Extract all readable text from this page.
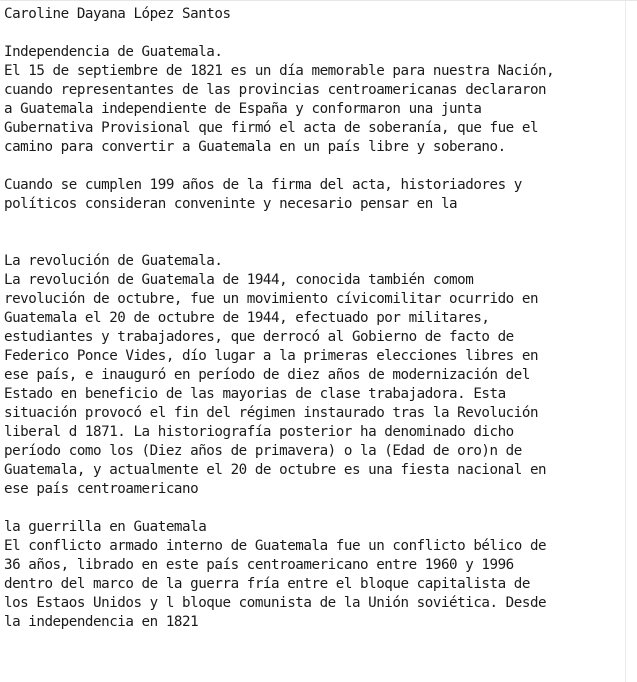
Caroline Dayana López Santos
Independencia de Guatemala.
El 15 de septiembre de 1821 es un día memorable para nuestra Nación,
cuando representantes de las provincias centroamericanas declararon
a Guatemala independiente de España y conformaron una junta
Gubernativa Provisional que firmó el acta de soberanía, que fue el
camino para convertir a Guatemala en un país libre y soberano.
Cuando se cumplen 199 años de la firma del acta, historiadores y
políticos consideran conveninte y necesario pensar en la
La revolución de Guatemala.
La revolución de Guatemala de 1944, conocida también comom
revolución de octubre, fue un movimiento cívicomilitar ocurrido en
Guatemala el 20 de octubre de 1944, efectuado por militares,
estudiantes y trabajadores, que derrocó al Gobierno de facto de
Federico Ponce Vides, dío lugar a la primeras elecciones libres en
ese país, e inauguró en período de diez años de modernización del
Estado en beneficio de las mayorias de clase trabajadora. Esta
situación provocó el fin del régimen instaurado tras la Revolución
liberal d 1871. La historiografía posterior ha denominado dicho
período como los (Diez años de primavera) o la (Edad de oro)n de
Guatemala, y actualmente el 20 de octubre es una fiesta nacional en
ese país centroamericano
la guerrilla en Guatemala
El conflicto armado interno de Guatemala fue un conflicto bélico de
36 años, librado en este país centroamericano entre 1960 y 1996
dentro del marco de la guerra fría entre el bloque capitalista de
los Estaos Unidos y l bloque comunista de la Unión soviética. Desde
la independencia en 1821
